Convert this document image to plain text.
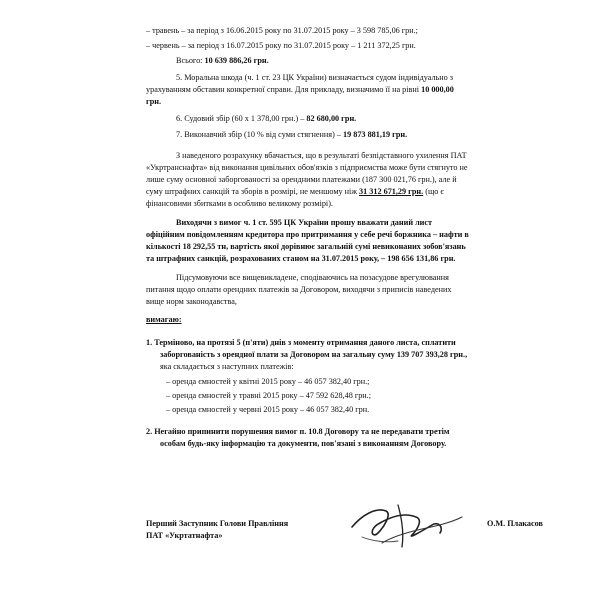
– травень – за період з 16.06.2015 року по 31.07.2015 року – 3 598 785,06 грн.;
– червень – за період з 16.07.2015 року по 31.07.2015 року – 1 211 372,25 грн.
Всього: 10 639 886,26 грн.
5. Моральна шкода (ч. 1 ст. 23 ЦК України) визначається судом індивідуально з
урахуванням обставин конкретної справи. Для прикладу, визначимо її на рівні 10 000,00
грн.
6. Судовий збір (60 х 1 378,00 грн.) – 82 680,00 грн.
7. Виконавчий збір (10 % від суми стягнення) – 19 873 881,19 грн.
З наведеного розрахунку вбачається, що в результаті безпідставного ухилення ПАТ
«Укртранснафта» від виконання цивільних обов'язків з підприємства може бути стягнуто не
лише суму основної заборгованості за орендними платежами (187 300 021,76 грн.), але й
суму штрафних санкцій та зборів в розмірі, не меншому ніж 31 312 671,29 грн. (що є
фінансовими збитками в особливо великому розмірі).
Виходячи з вимог ч. 1 ст. 595 ЦК України прошу вважати даний лист
офіційним повідомленням кредитора про притримання у себе речі боржника – нафти в
кількості 18 292,55 тн, вартість якої дорівнює загальній сумі невиконаних зобов'язань
та штрафних санкцій, розрахованих станом на 31.07.2015 року, – 198 656 131,86 грн.
Підсумовуючи все вищевикладене, сподіваючись на позасудове врегулювання
питання щодо оплати орендних платежів за Договором, виходячи з приписів наведених
вище норм законодавства,
вимагаю:
1. Терміново, на протязі 5 (п'яти) днів з моменту отримання даного листа, сплатити
заборгованість з орендної плати за Договором на загальну суму 139 707 393,28 грн.,
яка складається з наступних платежів:
– оренда ємностей у квітні 2015 року – 46 057 382,40 грн.;
– оренда ємностей у травні 2015 року – 47 592 628,48 грн.;
– оренда ємностей у червні 2015 року – 46 057 382,40 грн.
2. Негайно припинити порушення вимог п. 10.8 Договору та не передавати третім
особам будь-яку інформацію та документи, пов'язані з виконанням Договору.
Перший Заступник Голови Правління
ПАТ «Укртатнафта»
О.М. Плакасов
